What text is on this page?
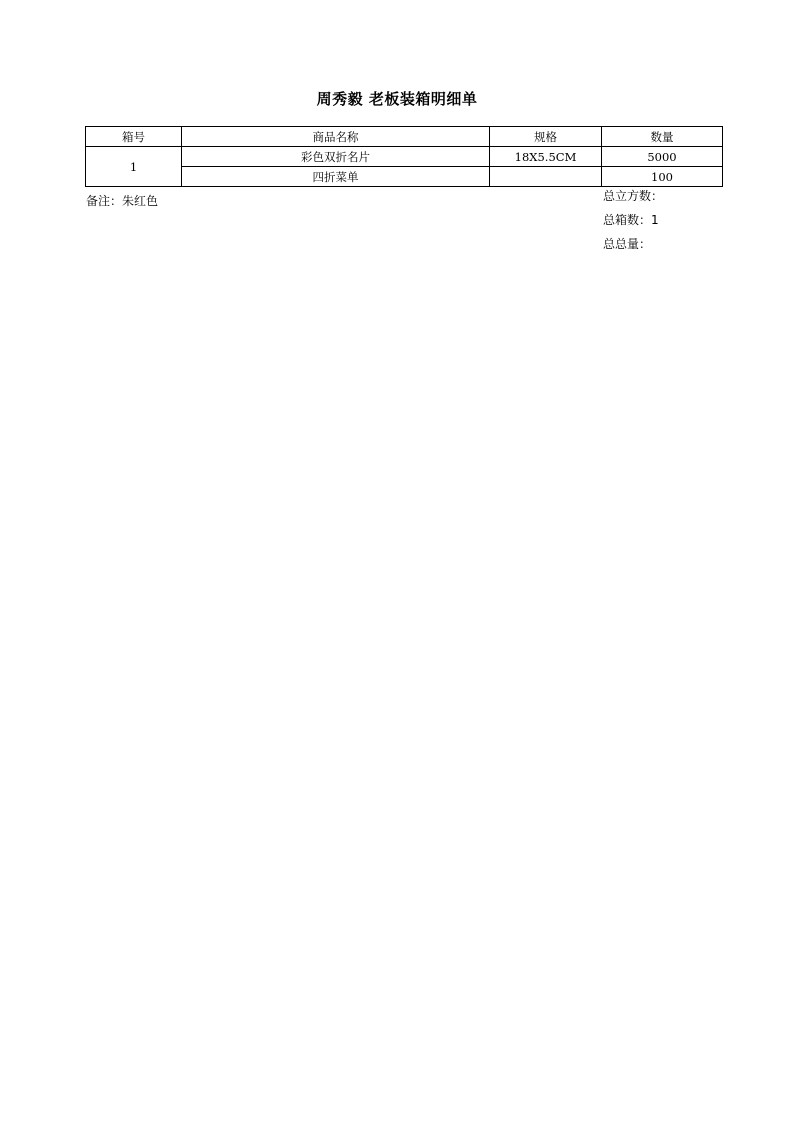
周秀毅 老板装箱明细单
箱号	商品名称	规格	数量
1	彩色双折名片	18X5.5CM	5000
	四折菜单		100
备注：朱红色	总立方数：
总箱数：1
总总量：
